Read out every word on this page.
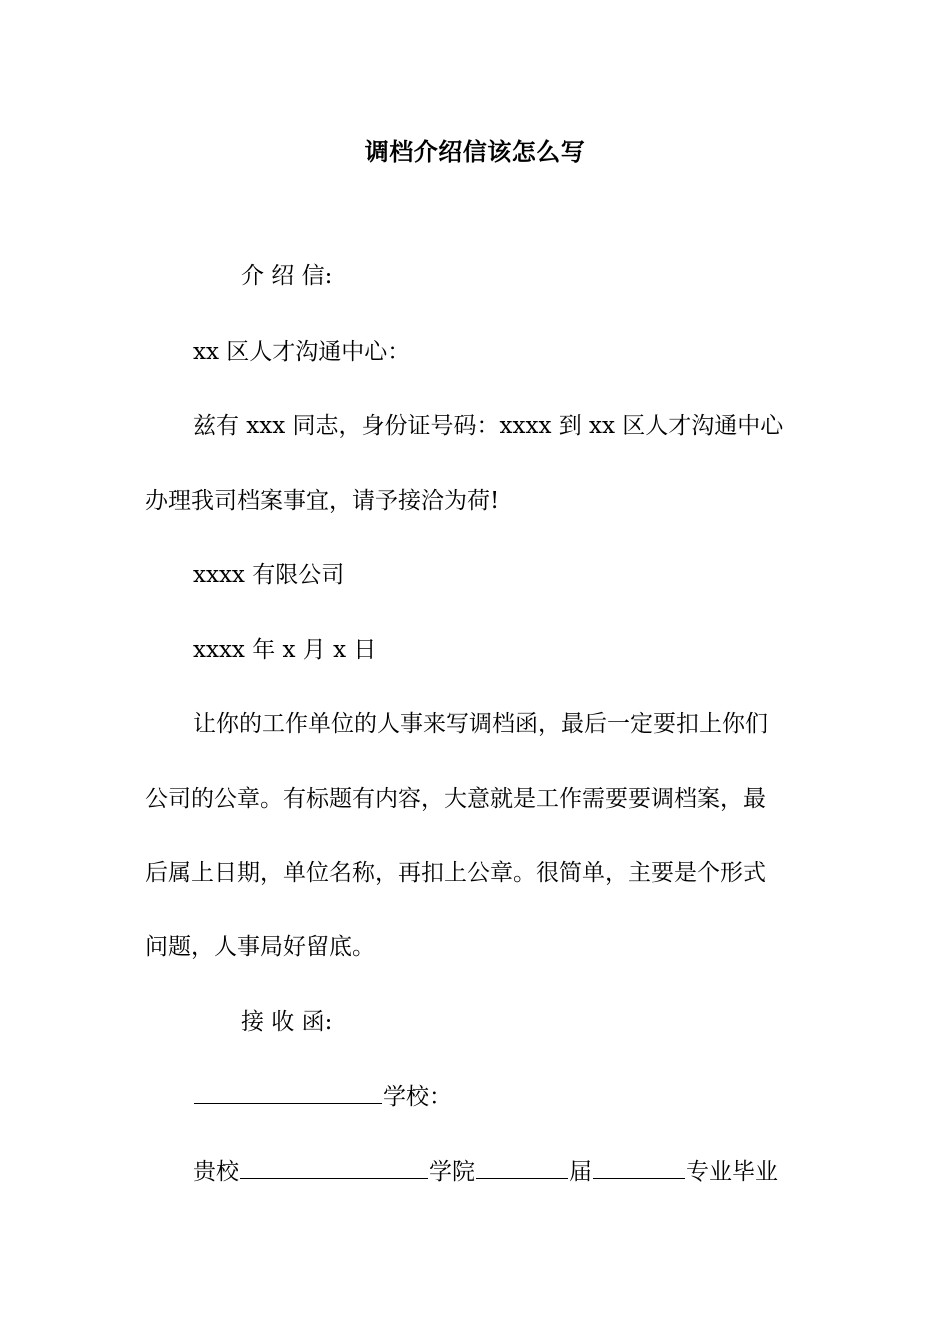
调档介绍信该怎么写
介 绍 信:
xx 区人才沟通中心：
兹有 xxx 同志，身份证号码：xxxx 到 xx 区人才沟通中心
办理我司档案事宜，请予接洽为荷!
xxxx 有限公司
xxxx 年 x 月 x 日
让你的工作单位的人事来写调档函，最后一定要扣上你们
公司的公章。有标题有内容，大意就是工作需要要调档案，最
后属上日期，单位名称，再扣上公章。很简单，主要是个形式
问题，人事局好留底。
接 收 函:
学校：
贵校	学院	届	专业毕业
